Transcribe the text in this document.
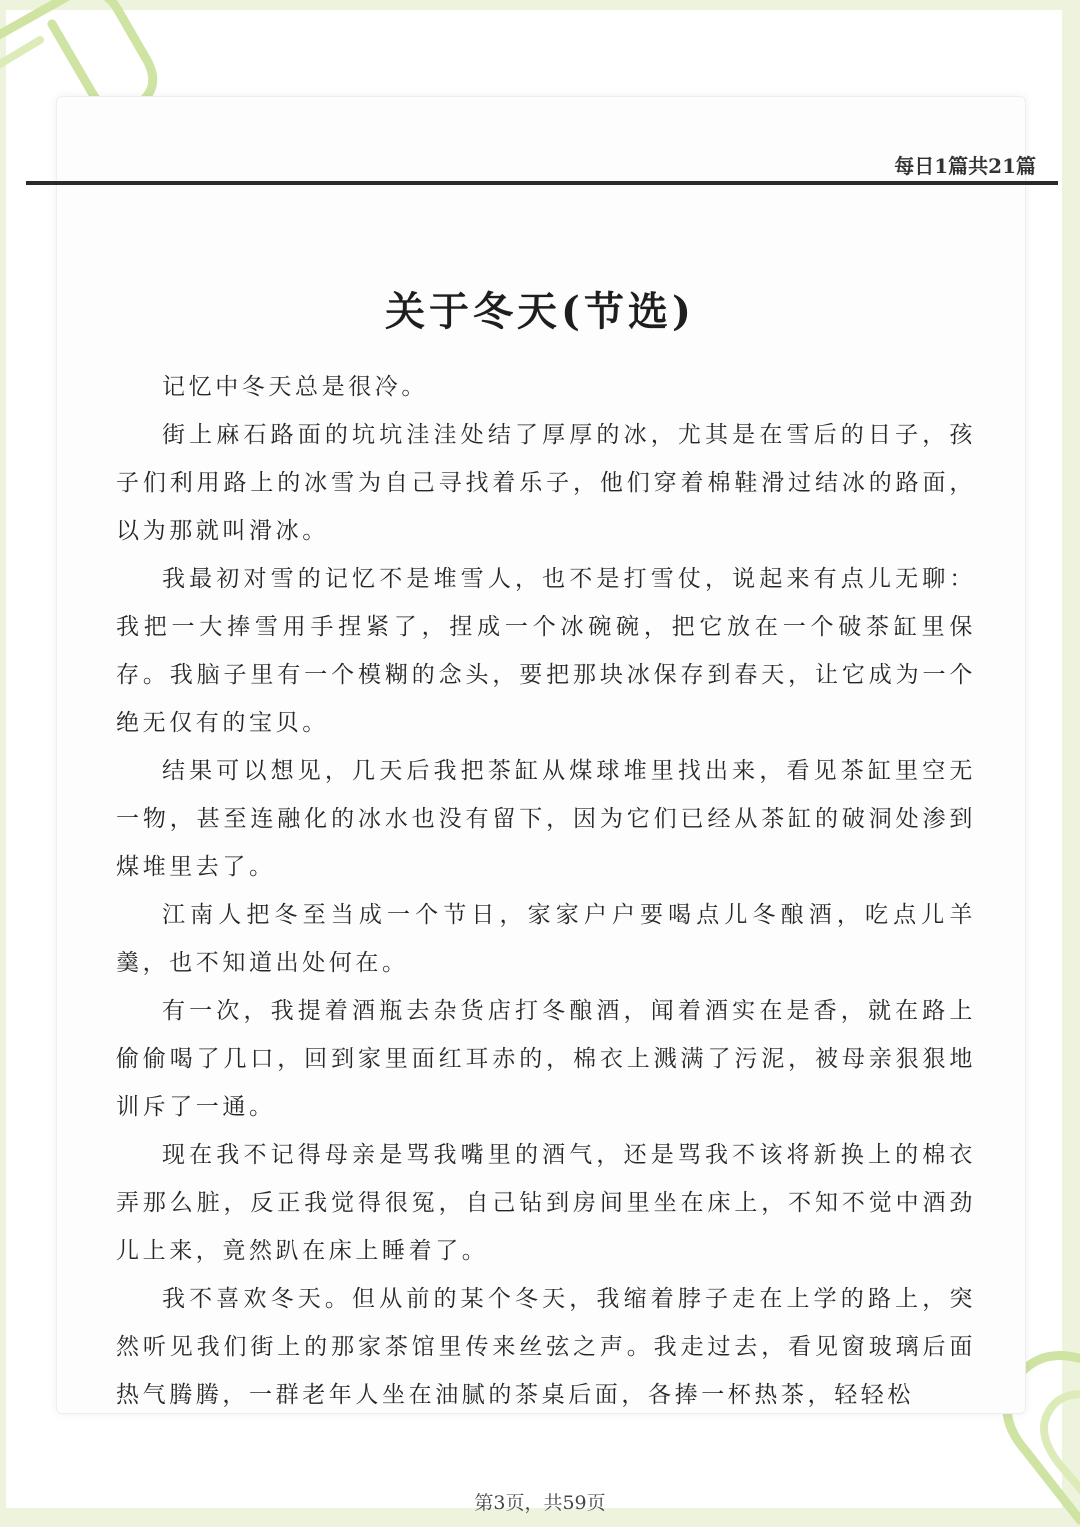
每日1篇共21篇
关于冬天(节选)

记忆中冬天总是很冷。

街上麻石路面的坑坑洼洼处结了厚厚的冰，尤其是在雪后的日子，孩子们利用路上的冰雪为自己寻找着乐子，他们穿着棉鞋滑过结冰的路面，以为那就叫滑冰。

我最初对雪的记忆不是堆雪人，也不是打雪仗，说起来有点儿无聊：我把一大捧雪用手捏紧了，捏成一个冰碗碗，把它放在一个破茶缸里保存。我脑子里有一个模糊的念头，要把那块冰保存到春天，让它成为一个绝无仅有的宝贝。

结果可以想见，几天后我把茶缸从煤球堆里找出来，看见茶缸里空无一物，甚至连融化的冰水也没有留下，因为它们已经从茶缸的破洞处渗到煤堆里去了。

江南人把冬至当成一个节日，家家户户要喝点儿冬酿酒，吃点儿羊羹，也不知道出处何在。

有一次，我提着酒瓶去杂货店打冬酿酒，闻着酒实在是香，就在路上偷偷喝了几口，回到家里面红耳赤的，棉衣上溅满了污泥，被母亲狠狠地训斥了一通。

现在我不记得母亲是骂我嘴里的酒气，还是骂我不该将新换上的棉衣弄那么脏，反正我觉得很冤，自己钻到房间里坐在床上，不知不觉中酒劲儿上来，竟然趴在床上睡着了。

我不喜欢冬天。但从前的某个冬天，我缩着脖子走在上学的路上，突然听见我们街上的那家茶馆里传来丝弦之声。我走过去，看见窗玻璃后面热气腾腾，一群老年人坐在油腻的茶桌后面，各捧一杯热茶，轻轻松

第3页，共59页
